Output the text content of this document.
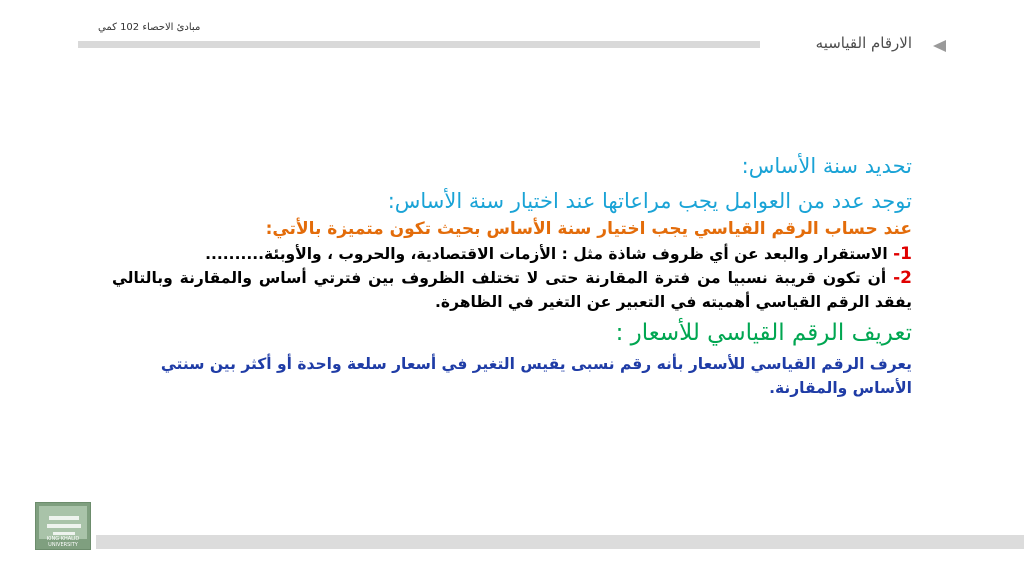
مبادئ الاحصاء 102 كمي
الارقام القياسيه

تحديد سنة الأساس:

توجد عدد من العوامل يجب مراعاتها عند اختيار سنة الأساس:

عند حساب الرقم القياسي يجب اختيار سنة الأساس بحيث تكون متميزة بالأتي:

1- الاستقرار والبعد عن أي ظروف شاذة مثل : الأزمات الاقتصادية، والحروب ، والأوبئة..........

2- أن تكون قريبة نسبيا من فترة المقارنة حتى لا تختلف الظروف بين فترتي أساس والمقارنة وبالتالي يفقد الرقم القياسي أهميته في التعبير عن التغير في الظاهرة.

تعريف الرقم القياسي للأسعار :

يعرف الرقم القياسي للأسعار بأنه رقم نسبى يقيس التغير في أسعار سلعة واحدة أو أكثر بين سنتي الأساس والمقارنة.

KING KHALID UNIVERSITY
